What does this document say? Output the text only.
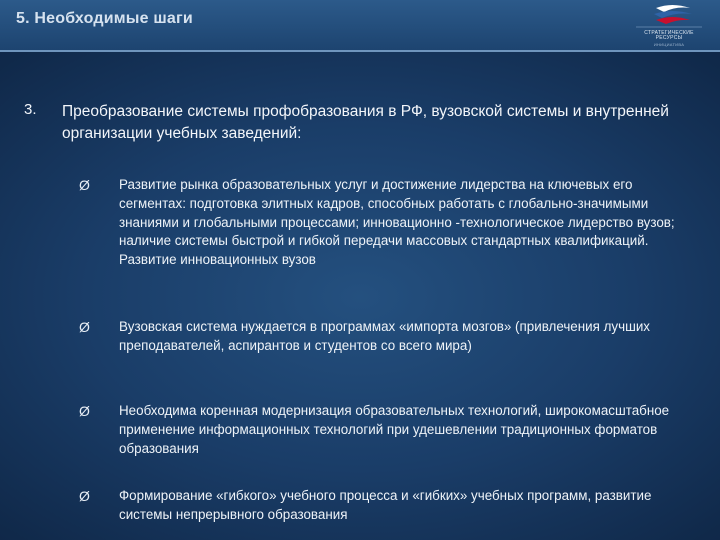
5. Необходимые шаги
СТРАТЕГИЧЕСКИЕ
РЕСУРСЫ
ИНИЦИАТИВА
3. Преобразование системы профобразования в РФ, вузовской системы и внутренней организации учебных заведений:
Ø Развитие рынка образовательных услуг и достижение лидерства на ключевых его сегментах: подготовка элитных кадров, способных работать с глобально-значимыми знаниями и глобальными процессами; инновационно -технологическое лидерство вузов; наличие системы быстрой и гибкой передачи массовых стандартных квалификаций. Развитие инновационных вузов
Ø Вузовская система нуждается в программах «импорта мозгов» (привлечения лучших преподавателей, аспирантов и студентов со всего мира)
Ø Необходима коренная модернизация образовательных технологий, широкомасштабное применение информационных технологий при удешевлении традиционных форматов образования
Ø Формирование «гибкого» учебного процесса и «гибких» учебных программ, развитие системы непрерывного образования
